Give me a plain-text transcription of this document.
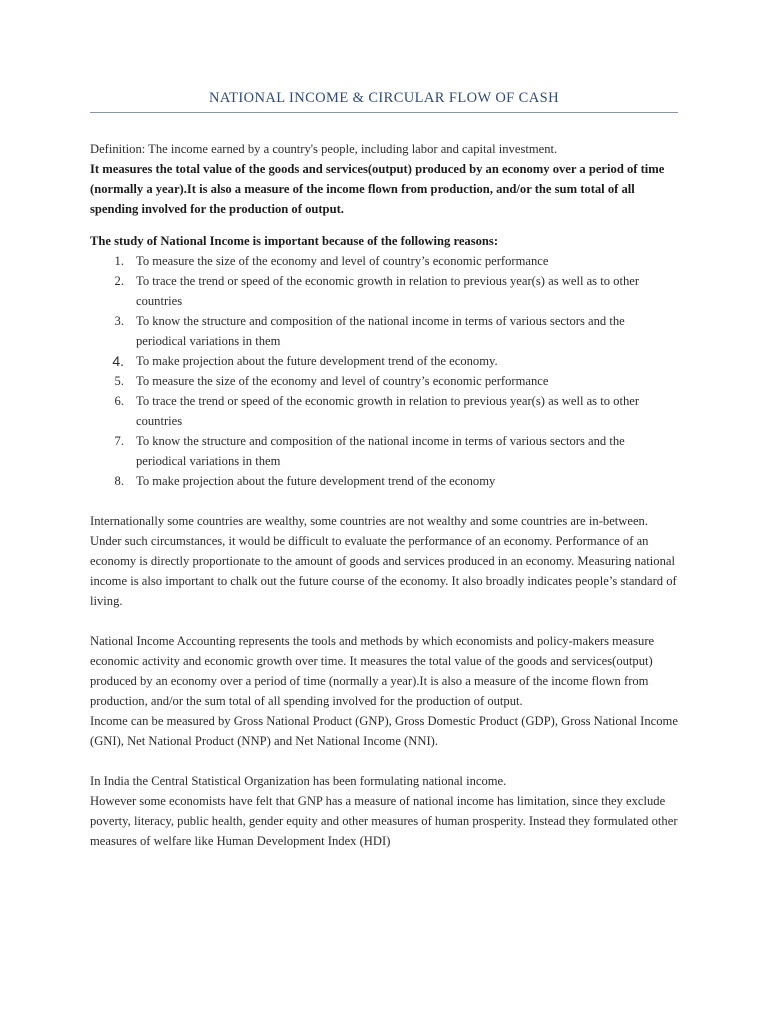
NATIONAL INCOME & CIRCULAR FLOW OF CASH

Definition: The income earned by a country's people, including labor and capital investment.

It measures the total value of the goods and services(output) produced by an economy over a period of time (normally a year).It is also a measure of the income flown from production, and/or the sum total of all spending involved for the production of output.

The study of National Income is important because of the following reasons:

1. To measure the size of the economy and level of country’s economic performance
2. To trace the trend or speed of the economic growth in relation to previous year(s) as well as to other countries
3. To know the structure and composition of the national income in terms of various sectors and the periodical variations in them
4. To make projection about the future development trend of the economy.
5. To measure the size of the economy and level of country’s economic performance
6. To trace the trend or speed of the economic growth in relation to previous year(s) as well as to other countries
7. To know the structure and composition of the national income in terms of various sectors and the periodical variations in them
8. To make projection about the future development trend of the economy

Internationally some countries are wealthy, some countries are not wealthy and some countries are in-between. Under such circumstances, it would be difficult to evaluate the performance of an economy. Performance of an economy is directly proportionate to the amount of goods and services produced in an economy. Measuring national income is also important to chalk out the future course of the economy. It also broadly indicates people’s standard of living.

National Income Accounting represents the tools and methods by which economists and policy-makers measure economic activity and economic growth over time. It measures the total value of the goods and services(output) produced by an economy over a period of time (normally a year).It is also a measure of the income flown from production, and/or the sum total of all spending involved for the production of output.

Income can be measured by Gross National Product (GNP), Gross Domestic Product (GDP), Gross National Income (GNI), Net National Product (NNP) and Net National Income (NNI).

In India the Central Statistical Organization has been formulating national income.

However some economists have felt that GNP has a measure of national income has limitation, since they exclude poverty, literacy, public health, gender equity and other measures of human prosperity. Instead they formulated other measures of welfare like Human Development Index (HDI)
